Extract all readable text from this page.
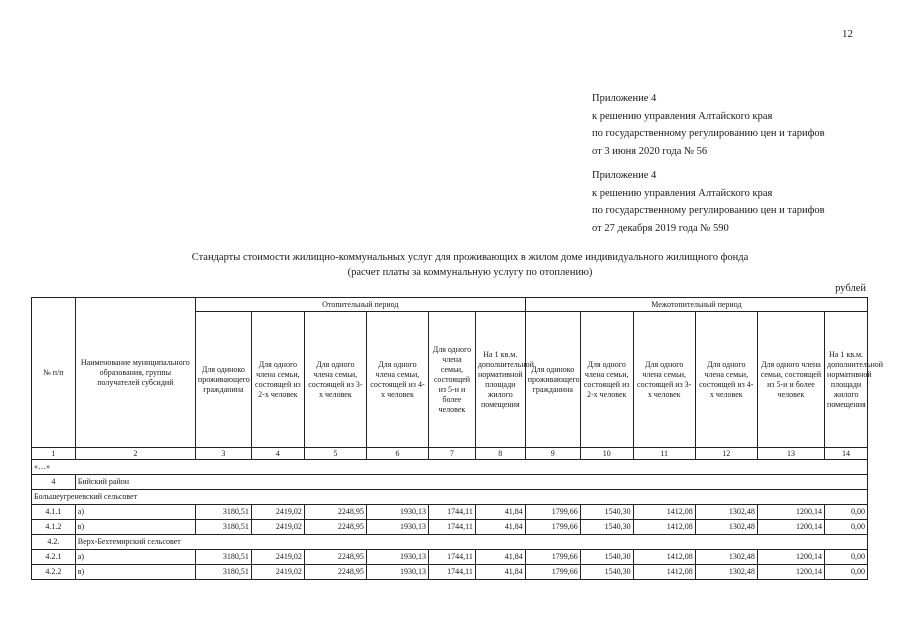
12
Приложение 4
к решению управления Алтайского края
по государственному регулированию цен и тарифов
от 3 июня 2020 года № 56
Приложение 4
к решению управления Алтайского края
по государственному регулированию цен и тарифов
от 27 декабря 2019 года № 590
Стандарты стоимости жилищно-коммунальных услуг для проживающих в жилом доме индивидуального жилищного фонда
(расчет платы за коммунальную услугу по отоплению)
рублей
№ п/п	Наименование муниципального образования, группы получателей субсидий	Отопительный период						Межотопительный период					
		Для одиноко проживающего гражданина	Для одного члена семьи, состоящей из 2-х человек	Для одного члена семьи, состоящей из 3-х человек	Для одного члена семьи, состоящей из 4-х человек	Для одного члена семьи, состоящей из 5-и и более человек	На 1 кв.м. дополнительной нормативной площади жилого помещения	Для одиноко проживающего гражданина	Для одного члена семьи, состоящей из 2-х человек	Для одного члена семьи, состоящей из 3-х человек	Для одного члена семьи, состоящей из 4-х человек	Для одного члена семьи, состоящей из 5-и и более человек	На 1 кв.м. дополнительной нормативной площади жилого помещения
1	2	3	4	5	6	7	8	9	10	11	12	13	14
«…»													
4	Бийский район												
Большеугреневский сельсовет													
4.1.1	а)	3180,51	2419,02	2248,95	1930,13	1744,11	41,84	1799,66	1540,30	1412,08	1302,48	1200,14	0,00
4.1.2	в)	3180,51	2419,02	2248,95	1930,13	1744,11	41,84	1799,66	1540,30	1412,08	1302,48	1200,14	0,00
4.2.	Верх-Бехтемирский сельсовет												
4.2.1	а)	3180,51	2419,02	2248,95	1930,13	1744,11	41,84	1799,66	1540,30	1412,08	1302,48	1200,14	0,00
4.2.2	в)	3180,51	2419,02	2248,95	1930,13	1744,11	41,84	1799,66	1540,30	1412,08	1302,48	1200,14	0,00
